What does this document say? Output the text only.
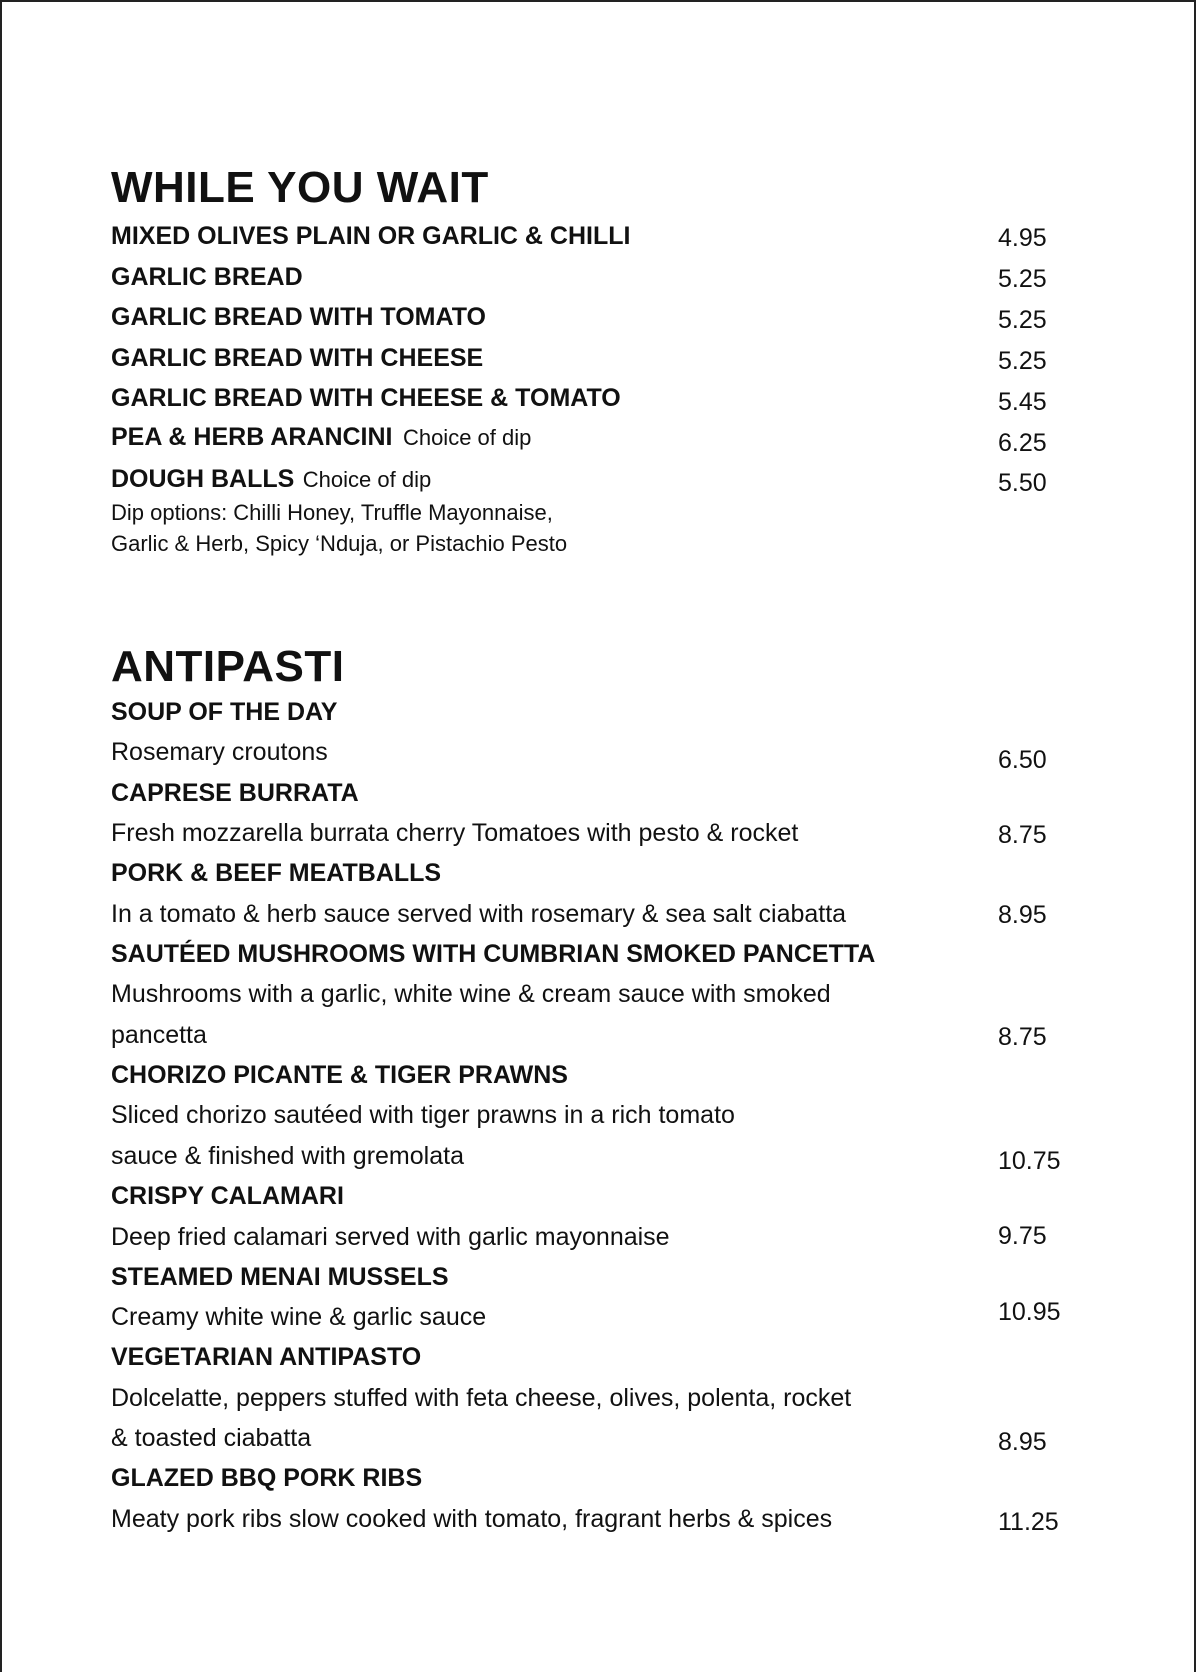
WHILE YOU WAIT
MIXED OLIVES PLAIN OR GARLIC & CHILLI	4.95
GARLIC BREAD	5.25
GARLIC BREAD WITH TOMATO	5.25
GARLIC BREAD WITH CHEESE	5.25
GARLIC BREAD WITH CHEESE & TOMATO	5.45
PEA & HERB ARANCINI Choice of dip	6.25
DOUGH BALLS Choice of dip	5.50
Dip options: Chilli Honey, Truffle Mayonnaise,
Garlic & Herb, Spicy ‘Nduja, or Pistachio Pesto
ANTIPASTI
SOUP OF THE DAY
Rosemary croutons	6.50
CAPRESE BURRATA
Fresh mozzarella burrata cherry Tomatoes with pesto & rocket	8.75
PORK & BEEF MEATBALLS
In a tomato & herb sauce served with rosemary & sea salt ciabatta	8.95
SAUTÉED MUSHROOMS WITH CUMBRIAN SMOKED PANCETTA
Mushrooms with a garlic, white wine & cream sauce with smoked
pancetta	8.75
CHORIZO PICANTE & TIGER PRAWNS
Sliced chorizo sautéed with tiger prawns in a rich tomato
sauce & finished with gremolata	10.75
CRISPY CALAMARI
Deep fried calamari served with garlic mayonnaise	9.75
STEAMED MENAI MUSSELS
Creamy white wine & garlic sauce	10.95
VEGETARIAN ANTIPASTO
Dolcelatte, peppers stuffed with feta cheese, olives, polenta, rocket
& toasted ciabatta	8.95
GLAZED BBQ PORK RIBS
Meaty pork ribs slow cooked with tomato, fragrant herbs & spices	11.25
